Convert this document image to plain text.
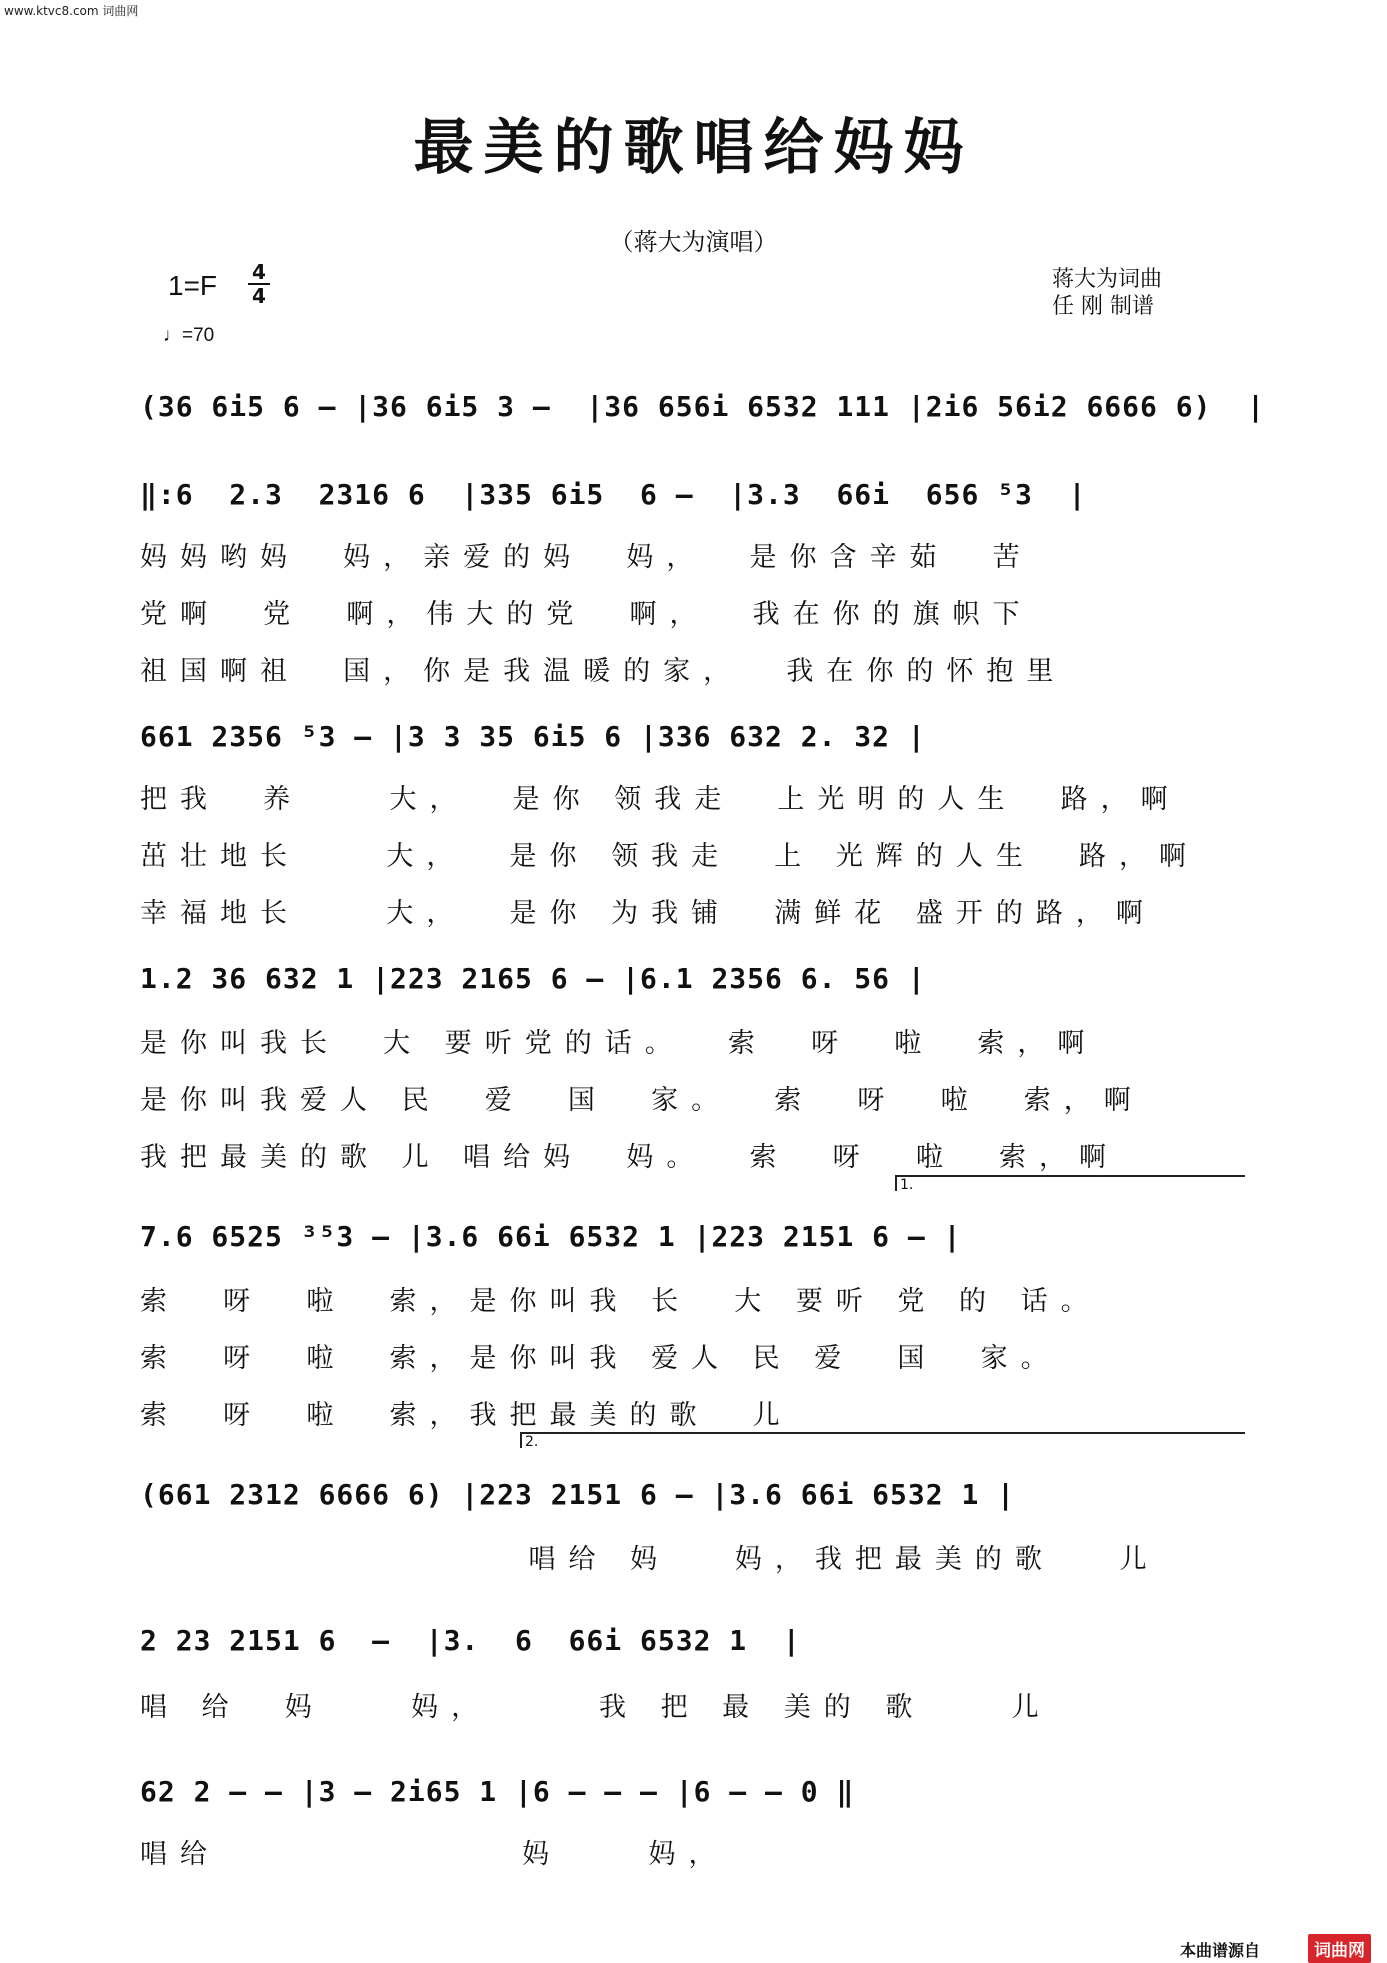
www.ktvc8.com 词曲网
最美的歌唱给妈妈
（蒋大为演唱）
1=F 4
4
♩=70
蒋大为词曲
任 刚 制谱
(36 6i5 6 – |36 6i5 3 –  |36 656i 6532 111 |2i6 56i2 6666 6)  |
‖:6  2.3  2316 6  |335 6i5  6 –  |3.3  66i  656 ⁵3  |
妈妈哟妈  妈，亲爱的妈  妈，  是你含辛茹  苦
党啊  党  啊，伟大的党  啊，  我在你的旗帜下
祖国啊祖  国，你是我温暖的家，  我在你的怀抱里
661 2356 ⁵3 – |3 3 35 6i5 6 |336 632 2. 32 |
把我  养    大，  是你 领我走  上光明的人生  路，啊
茁壮地长    大，  是你 领我走  上 光辉的人生  路，啊
幸福地长    大，  是你 为我铺  满鲜花 盛开的路，啊
1.2 36 632 1 |223 2165 6 – |6.1 2356 6. 56 |
是你叫我长  大 要听党的话。  索  呀  啦  索，啊
是你叫我爱人 民  爱  国  家。  索  呀  啦  索，啊
我把最美的歌 儿 唱给妈  妈。  索  呀  啦  索，啊
1.
7.6 6525 ³⁵3 – |3.6 66i 6532 1 |223 2151 6 – |
索  呀  啦  索，是你叫我 长  大 要听 党 的 话。
索  呀  啦  索，是你叫我 爱人 民 爱  国  家。
索  呀  啦  索，我把最美的歌  儿
2.
(661 2312 6666 6) |223 2151 6 – |3.6 66i 6532 1 |
唱给 妈   妈，我把最美的歌   儿
2 23 2151 6  –  |3.  6  66i 6532 1  |
唱 给  妈    妈，     我 把 最 美的 歌    儿
62 2 – – |3 – 2i65 1 |6 – – – |6 – – 0 ‖
唱给              妈    妈，
本曲谱源自	词曲网
